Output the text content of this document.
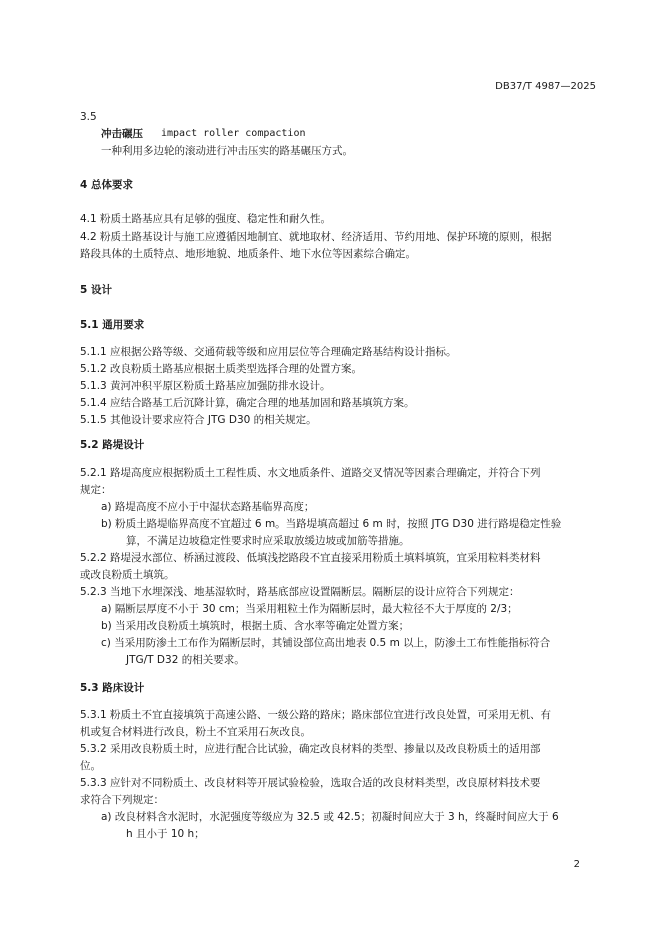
DB37/T 4987—2025
3.5
冲击碾压 impact roller compaction
一种利用多边轮的滚动进行冲击压实的路基碾压方式。
4 总体要求
4.1 粉质土路基应具有足够的强度、稳定性和耐久性。
4.2 粉质土路基设计与施工应遵循因地制宜、就地取材、经济适用、节约用地、保护环境的原则，根据
路段具体的土质特点、地形地貌、地质条件、地下水位等因素综合确定。
5 设计
5.1 通用要求
5.1.1 应根据公路等级、交通荷载等级和应用层位等合理确定路基结构设计指标。
5.1.2 改良粉质土路基应根据土质类型选择合理的处置方案。
5.1.3 黄河冲积平原区粉质土路基应加强防排水设计。
5.1.4 应结合路基工后沉降计算，确定合理的地基加固和路基填筑方案。
5.1.5 其他设计要求应符合 JTG D30 的相关规定。
5.2 路堤设计
5.2.1 路堤高度应根据粉质土工程性质、水文地质条件、道路交叉情况等因素合理确定，并符合下列
规定：
a) 路堤高度不应小于中湿状态路基临界高度；
b) 粉质土路堤临界高度不宜超过 6 m。当路堤填高超过 6 m 时，按照 JTG D30 进行路堤稳定性验
算，不满足边坡稳定性要求时应采取放缓边坡或加筋等措施。
5.2.2 路堤浸水部位、桥涵过渡段、低填浅挖路段不宜直接采用粉质土填料填筑，宜采用粒料类材料
或改良粉质土填筑。
5.2.3 当地下水埋深浅、地基湿软时，路基底部应设置隔断层。隔断层的设计应符合下列规定：
a) 隔断层厚度不小于 30 cm；当采用粗粒土作为隔断层时，最大粒径不大于厚度的 2/3；
b) 当采用改良粉质土填筑时，根据土质、含水率等确定处置方案；
c) 当采用防渗土工布作为隔断层时，其铺设部位高出地表 0.5 m 以上，防渗土工布性能指标符合
JTG/T D32 的相关要求。
5.3 路床设计
5.3.1 粉质土不宜直接填筑于高速公路、一级公路的路床；路床部位宜进行改良处置，可采用无机、有
机或复合材料进行改良，粉土不宜采用石灰改良。
5.3.2 采用改良粉质土时，应进行配合比试验，确定改良材料的类型、掺量以及改良粉质土的适用部
位。
5.3.3 应针对不同粉质土、改良材料等开展试验检验，选取合适的改良材料类型，改良原材料技术要
求符合下列规定：
a) 改良材料含水泥时，水泥强度等级应为 32.5 或 42.5；初凝时间应大于 3 h，终凝时间应大于 6
h 且小于 10 h；
2
